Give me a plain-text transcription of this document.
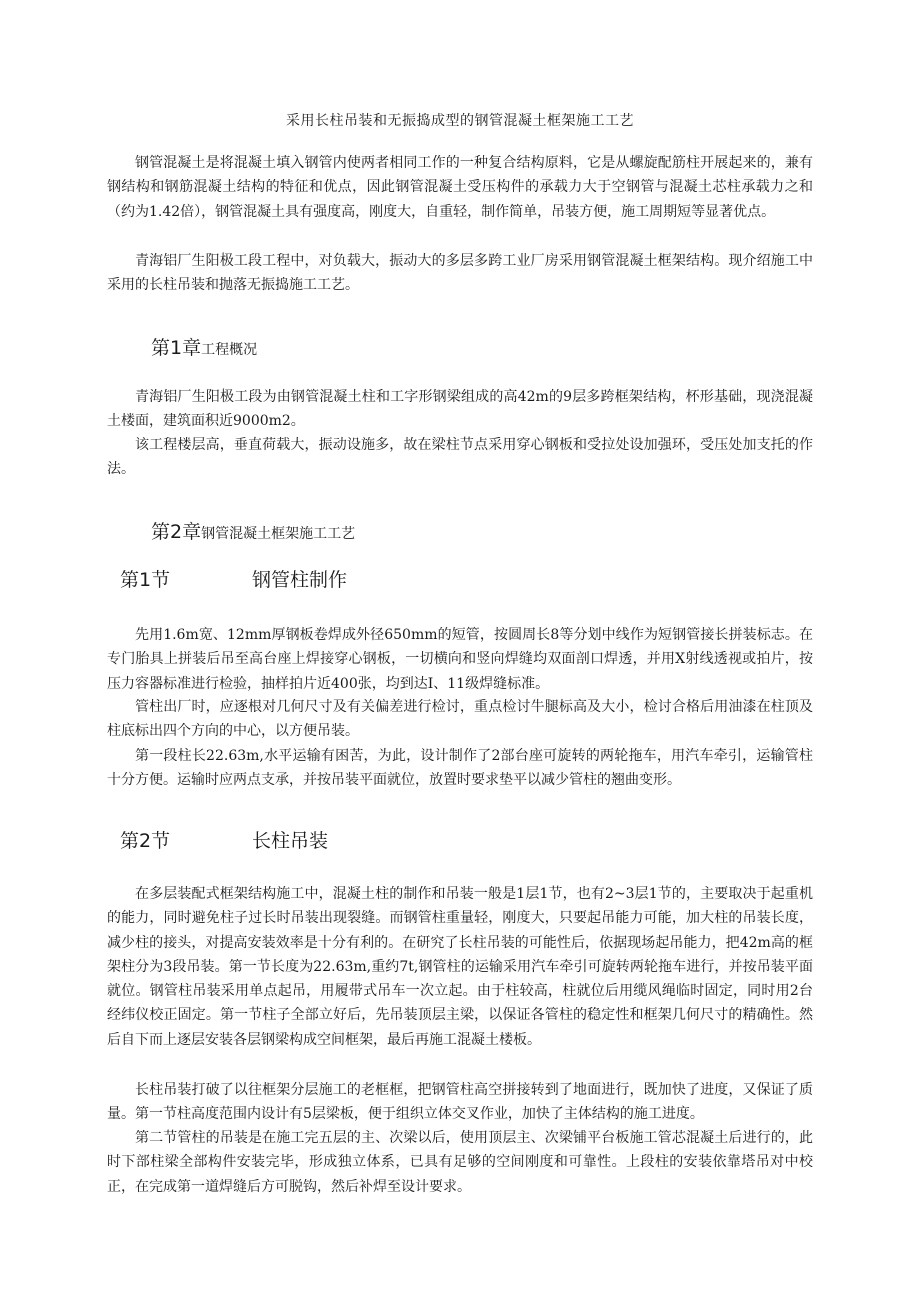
采用长柱吊装和无振捣成型的钢管混凝土框架施工工艺

钢管混凝土是将混凝土填入钢管内使两者相同工作的一种复合结构原料，它是从螺旋配筋柱开展起来的，兼有钢结构和钢筋混凝土结构的特征和优点，因此钢管混凝土受压构件的承载力大于空钢管与混凝土芯柱承载力之和（约为1.42倍），钢管混凝土具有强度高，刚度大，自重轻，制作简单，吊装方便，施工周期短等显著优点。

青海铝厂生阳极工段工程中，对负载大，振动大的多层多跨工业厂房采用钢管混凝土框架结构。现介绍施工中采用的长柱吊装和抛落无振捣施工工艺。

第1章工程概况

青海铝厂生阳极工段为由钢管混凝土柱和工字形钢梁组成的高42m的9层多跨框架结构，杯形基础，现浇混凝土楼面，建筑面积近9000m2。

该工程楼层高，垂直荷载大，振动设施多，故在梁柱节点采用穿心钢板和受拉处设加强环，受压处加支托的作法。

第2章钢管混凝土框架施工工艺
第1节	钢管柱制作

先用1.6m宽、12mm厚钢板卷焊成外径650mm的短管，按圆周长8等分划中线作为短钢管接长拼装标志。在专门胎具上拼装后吊至高台座上焊接穿心钢板，一切横向和竖向焊缝均双面剖口焊透，并用X射线透视或拍片，按压力容器标准进行检验，抽样拍片近400张，均到达I、11级焊缝标准。

管柱出厂时，应逐根对几何尺寸及有关偏差进行检讨，重点检讨牛腿标高及大小，检讨合格后用油漆在柱顶及柱底标出四个方向的中心，以方便吊装。

第一段柱长22.63m,水平运输有困苦，为此，设计制作了2部台座可旋转的两轮拖车，用汽车牵引，运输管柱十分方便。运输时应两点支承，并按吊装平面就位，放置时要求垫平以减少管柱的翘曲变形。

第2节	长柱吊装

在多层装配式框架结构施工中，混凝土柱的制作和吊装一般是1层1节，也有2~3层1节的，主要取决于起重机的能力，同时避免柱子过长时吊装出现裂缝。而钢管柱重量轻，刚度大，只要起吊能力可能，加大柱的吊装长度，减少柱的接头，对提高安装效率是十分有利的。在研究了长柱吊装的可能性后，依据现场起吊能力，把42m高的框架柱分为3段吊装。第一节长度为22.63m,重约7t,钢管柱的运输采用汽车牵引可旋转两轮拖车进行，并按吊装平面就位。钢管柱吊装采用单点起吊，用履带式吊车一次立起。由于柱较高，柱就位后用缆风绳临时固定，同时用2台经纬仪校正固定。第一节柱子全部立好后，先吊装顶层主梁，以保证各管柱的稳定性和框架几何尺寸的精确性。然后自下而上逐层安装各层钢梁构成空间框架，最后再施工混凝土楼板。

长柱吊装打破了以往框架分层施工的老框框，把钢管柱高空拼接转到了地面进行，既加快了进度，又保证了质量。第一节柱高度范围内设计有5层梁板，便于组织立体交叉作业，加快了主体结构的施工进度。

第二节管柱的吊装是在施工完五层的主、次梁以后，使用顶层主、次梁铺平台板施工管芯混凝土后进行的，此时下部柱梁全部构件安装完毕，形成独立体系，已具有足够的空间刚度和可靠性。上段柱的安装依靠塔吊对中校正，在完成第一道焊缝后方可脱钩，然后补焊至设计要求。
